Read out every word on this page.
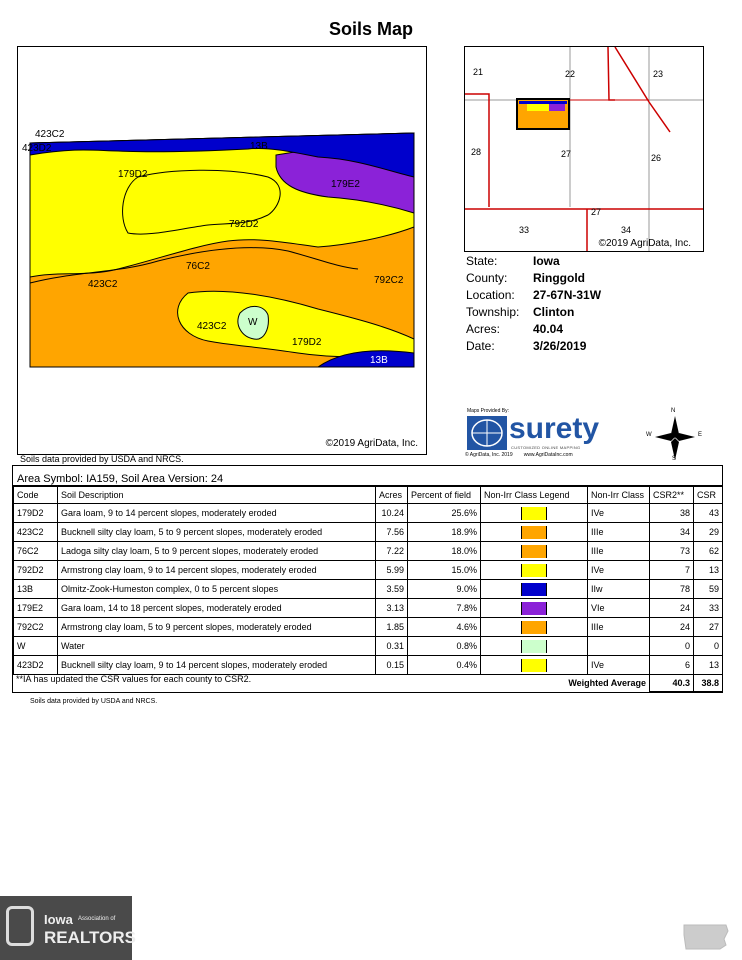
Soils Map
423C2
423D2	13B
179D2
179E2
792D2
76C2
423C2	792C2
423C2 W
179D2
13B
©2019 AgriData, Inc.
Soils data provided by USDA and NRCS.
21	22	23
28	27	26
27
33	34
©2019 AgriData, Inc.
State:	Iowa
County:	Ringgold
Location:	27-67N-31W
Township:	Clinton
Acres:	40.04
Date:	3/26/2019
Maps Provided By:
surety
CUSTOMIZED ONLINE MAPPING
© AgriData, Inc. 2019        www.AgriDataInc.com
N
S
W	E
Area Symbol: IA159, Soil Area Version: 24
Code	Soil Description	Acres	Percent of field	Non-Irr Class Legend	Non-Irr Class	CSR2**	CSR
179D2	Gara loam, 9 to 14 percent slopes, moderately eroded	10.24	25.6%		IVe	38	43
423C2	Bucknell silty clay loam, 5 to 9 percent slopes, moderately eroded	7.56	18.9%		IIIe	34	29
76C2	Ladoga silty clay loam, 5 to 9 percent slopes, moderately eroded	7.22	18.0%		IIIe	73	62
792D2	Armstrong clay loam, 9 to 14 percent slopes, moderately eroded	5.99	15.0%		IVe	7	13
13B	Olmitz-Zook-Humeston complex, 0 to 5 percent slopes	3.59	9.0%		IIw	78	59
179E2	Gara loam, 14 to 18 percent slopes, moderately eroded	3.13	7.8%		VIe	24	33
792C2	Armstrong clay loam, 5 to 9 percent slopes, moderately eroded	1.85	4.6%		IIIe	24	27
W	Water	0.31	0.8%			0	0
423D2	Bucknell silty clay loam, 9 to 14 percent slopes, moderately eroded	0.15	0.4%		IVe	6	13
Weighted Average						40.3	38.8
**IA has updated the CSR values for each county to CSR2.
Soils data provided by USDA and NRCS.
Iowa Association of
REALTORS
